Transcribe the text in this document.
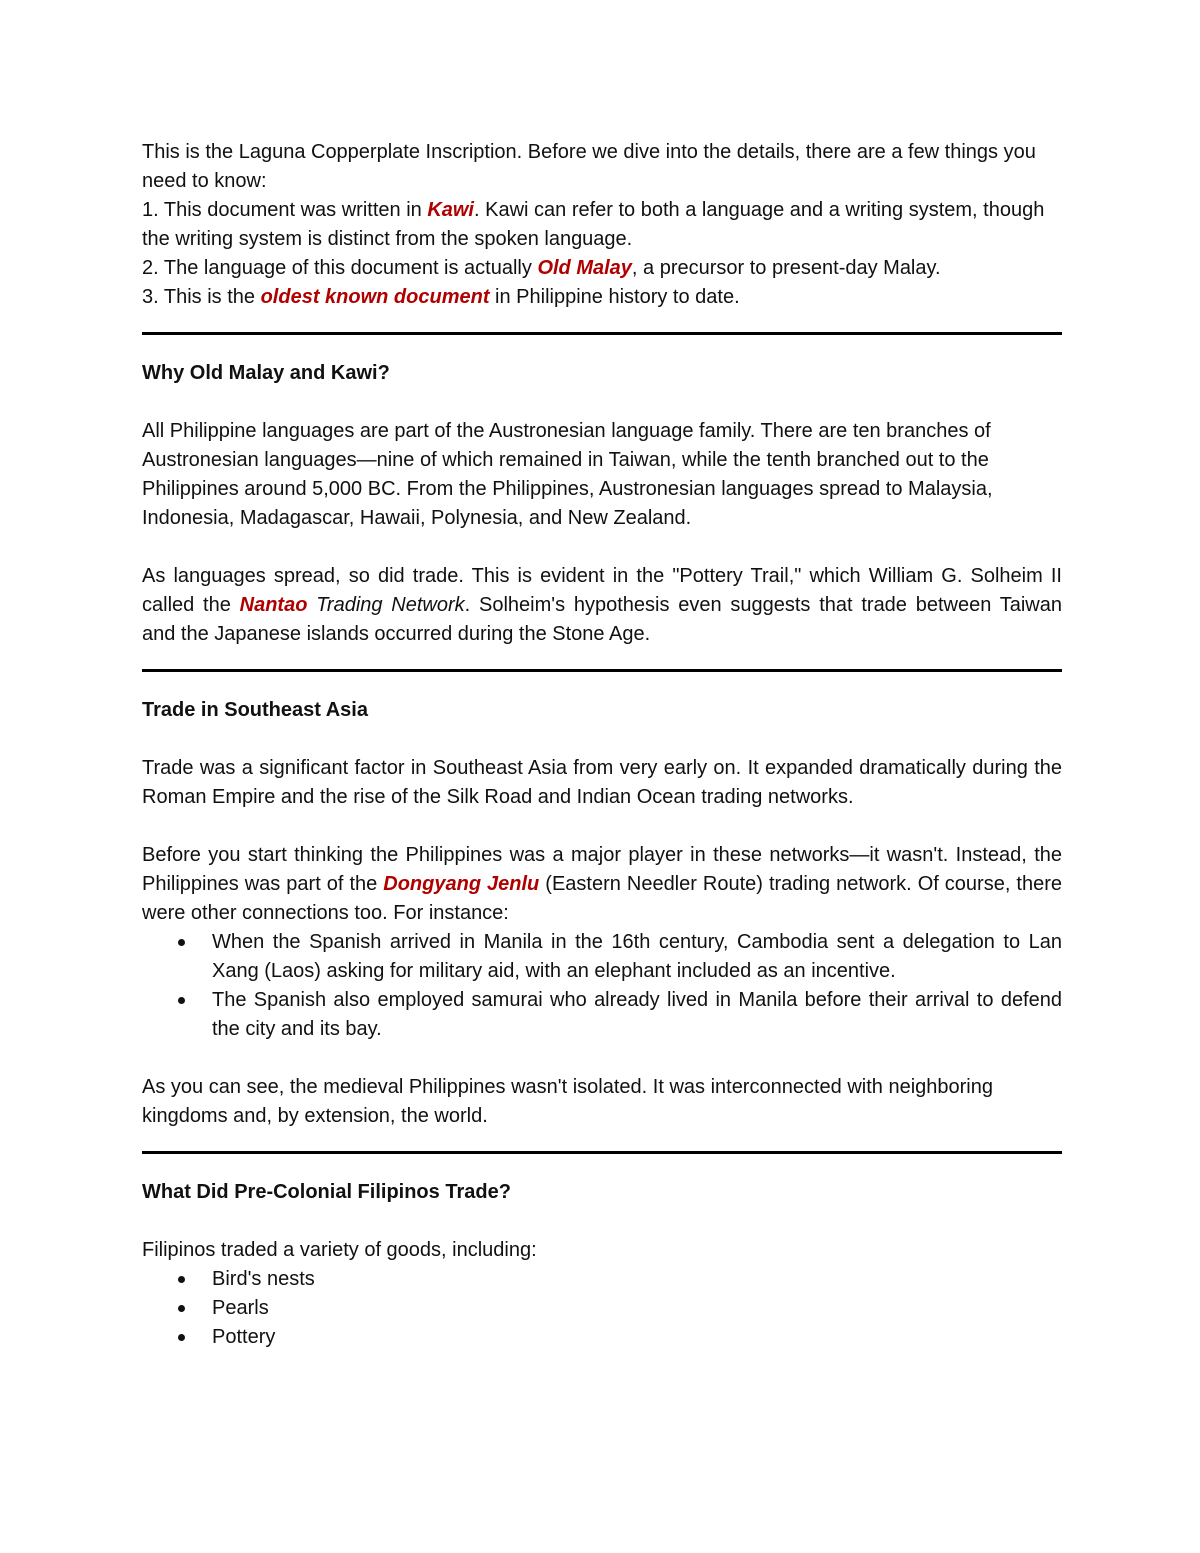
This is the Laguna Copperplate Inscription. Before we dive into the details, there are a few things you need to know:

1. This document was written in Kawi. Kawi can refer to both a language and a writing system, though the writing system is distinct from the spoken language.

2. The language of this document is actually Old Malay, a precursor to present-day Malay.

3. This is the oldest known document in Philippine history to date.

Why Old Malay and Kawi?

All Philippine languages are part of the Austronesian language family. There are ten branches of Austronesian languages—nine of which remained in Taiwan, while the tenth branched out to the Philippines around 5,000 BC. From the Philippines, Austronesian languages spread to Malaysia, Indonesia, Madagascar, Hawaii, Polynesia, and New Zealand.

As languages spread, so did trade. This is evident in the "Pottery Trail," which William G. Solheim II called the Nantao Trading Network. Solheim's hypothesis even suggests that trade between Taiwan and the Japanese islands occurred during the Stone Age.

Trade in Southeast Asia

Trade was a significant factor in Southeast Asia from very early on. It expanded dramatically during the Roman Empire and the rise of the Silk Road and Indian Ocean trading networks.

Before you start thinking the Philippines was a major player in these networks—it wasn't. Instead, the Philippines was part of the Dongyang Jenlu (Eastern Needler Route) trading network. Of course, there were other connections too. For instance:

When the Spanish arrived in Manila in the 16th century, Cambodia sent a delegation to Lan Xang (Laos) asking for military aid, with an elephant included as an incentive.
The Spanish also employed samurai who already lived in Manila before their arrival to defend the city and its bay.

As you can see, the medieval Philippines wasn't isolated. It was interconnected with neighboring kingdoms and, by extension, the world.

What Did Pre-Colonial Filipinos Trade?

Filipinos traded a variety of goods, including:

Bird's nests
Pearls
Pottery
